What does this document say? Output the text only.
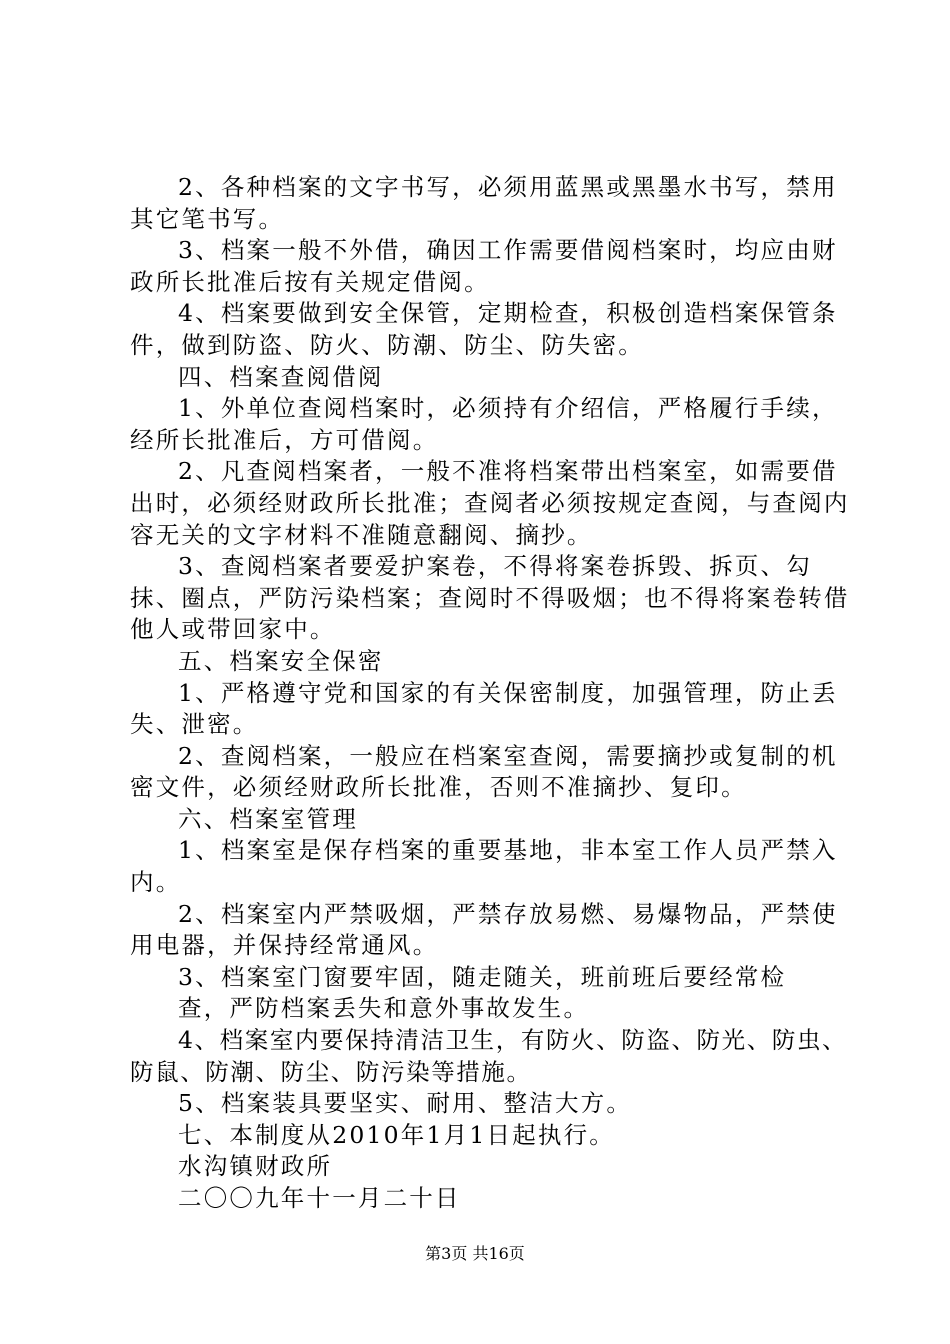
2、各种档案的文字书写，必须用蓝黑或黑墨水书写，禁用其它笔书写。

3、档案一般不外借，确因工作需要借阅档案时，均应由财政所长批准后按有关规定借阅。

4、档案要做到安全保管，定期检查，积极创造档案保管条件，做到防盗、防火、防潮、防尘、防失密。

四、档案查阅借阅

1、外单位查阅档案时，必须持有介绍信，严格履行手续，经所长批准后，方可借阅。

2、凡查阅档案者，一般不准将档案带出档案室，如需要借出时，必须经财政所长批准；查阅者必须按规定查阅，与查阅内容无关的文字材料不准随意翻阅、摘抄。

3、查阅档案者要爱护案卷，不得将案卷拆毁、拆页、勾抹、圈点，严防污染档案；查阅时不得吸烟；也不得将案卷转借他人或带回家中。

五、档案安全保密

1、严格遵守党和国家的有关保密制度，加强管理，防止丢失、泄密。

2、查阅档案，一般应在档案室查阅，需要摘抄或复制的机密文件，必须经财政所长批准，否则不准摘抄、复印。

六、档案室管理

1、档案室是保存档案的重要基地，非本室工作人员严禁入内。

2、档案室内严禁吸烟，严禁存放易燃、易爆物品，严禁使用电器，并保持经常通风。

3、档案室门窗要牢固，随走随关，班前班后要经常检

查，严防档案丢失和意外事故发生。

4、档案室内要保持清洁卫生，有防火、防盗、防光、防虫、防鼠、防潮、防尘、防污染等措施。

5、档案装具要坚实、耐用、整洁大方。

七、本制度从2010年1月1日起执行。

水沟镇财政所

二〇〇九年十一月二十日

第3页 共16页
